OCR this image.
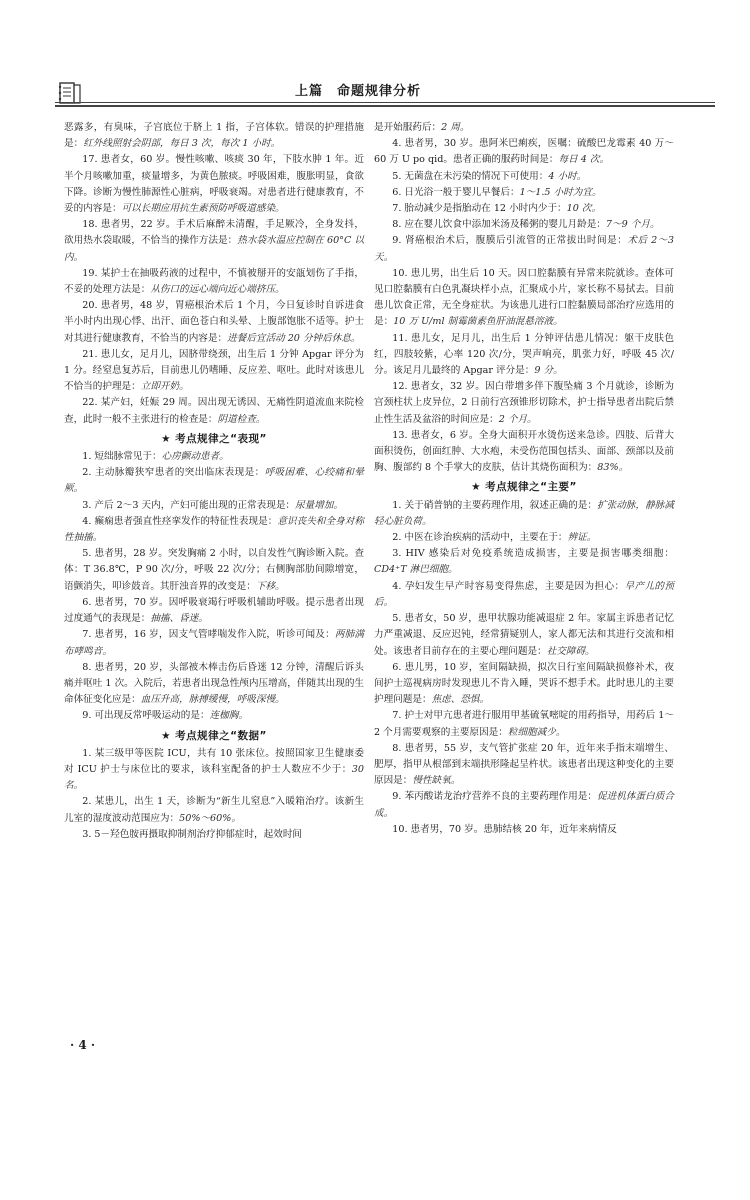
上篇　命题规律分析

恶露多，有臭味，子宫底位于脐上 1 指，子宫体软。错误的护理措施是：红外线照射会阴部，每日 3 次，每次 1 小时。

17. 患者女，60 岁。慢性咳嗽、咳痰 30 年，下肢水肿 1 年。近半个月咳嗽加重，痰量增多，为黄色脓痰。呼吸困难，腹胀明显，食欲下降。诊断为慢性肺源性心脏病，呼吸衰竭。对患者进行健康教育，不妥的内容是：可以长期应用抗生素预防呼吸道感染。

18. 患者男，22 岁。手术后麻醉未清醒，手足厥冷，全身发抖，欲用热水袋取暖，不恰当的操作方法是：热水袋水温应控制在 60°C 以内。

19. 某护士在抽吸药液的过程中，不慎被掰开的安瓿划伤了手指，不妥的处理方法是：从伤口的远心端向近心端挤压。

20. 患者男，48 岁，胃癌根治术后 1 个月，今日复诊时自诉进食半小时内出现心悸、出汗、面色苍白和头晕、上腹部饱胀不适等。护士对其进行健康教育，不恰当的内容是：进餐后宜活动 20 分钟后休息。

21. 患儿女，足月儿，因脐带绕颈，出生后 1 分钟 Apgar 评分为 1 分。经窒息复苏后，目前患儿仍嗜睡、反应差、呕吐。此时对该患儿不恰当的护理是：立即开奶。

22. 某产妇，妊娠 29 周。因出现无诱因、无痛性阴道流血来院检查，此时一般不主张进行的检查是：阴道检查。

★ 考点规律之“表现”

1. 短绌脉常见于：心房颤动患者。

2. 主动脉瓣狭窄患者的突出临床表现是：呼吸困难、心绞痛和晕厥。

3. 产后 2～3 天内，产妇可能出现的正常表现是：尿量增加。

4. 癫痫患者强直性痉挛发作的特征性表现是：意识丧失和全身对称性抽搐。

5. 患者男，28 岁。突发胸痛 2 小时，以自发性气胸诊断入院。查体：T 36.8℃，P 90 次/分，呼吸 22 次/分；右侧胸部肋间隙增宽，语颤消失，叩诊鼓音。其肝浊音界的改变是：下移。

6. 患者男，70 岁。因呼吸衰竭行呼吸机辅助呼吸。提示患者出现过度通气的表现是：抽搐、昏迷。

7. 患者男，16 岁，因支气管哮喘发作入院，听诊可闻及：两肺满布哮鸣音。

8. 患者男，20 岁，头部被木棒击伤后昏迷 12 分钟，清醒后诉头痛并呕吐 1 次。入院后，若患者出现急性颅内压增高，伴随其出现的生命体征变化应是：血压升高，脉搏缓慢，呼吸深慢。

9. 可出现反常呼吸运动的是：连枷胸。

★ 考点规律之“数据”

1. 某三级甲等医院 ICU，共有 10 张床位。按照国家卫生健康委对 ICU 护士与床位比的要求，该科室配备的护士人数应不少于：30 名。

2. 某患儿，出生 1 天，诊断为“新生儿窒息”入暖箱治疗。该新生儿室的湿度波动范围应为：50%～60%。

3. 5－羟色胺再摄取抑制剂治疗抑郁症时，起效时间

是开始服药后：2 周。

4. 患者男，30 岁。患阿米巴痢疾，医嘱：硫酸巴龙霉素 40 万～60 万 U po qid。患者正确的服药时间是：每日 4 次。

5. 无菌盘在未污染的情况下可使用：4 小时。

6. 日光浴一般于婴儿早餐后：1～1.5 小时为宜。

7. 胎动减少是指胎动在 12 小时内少于：10 次。

8. 应在婴儿饮食中添加米汤及稀粥的婴儿月龄是：7～9 个月。

9. 肾癌根治术后，腹膜后引流管的正常拔出时间是：术后 2～3 天。

10. 患儿男，出生后 10 天。因口腔黏膜有异常来院就诊。查体可见口腔黏膜有白色乳凝块样小点，汇聚成小片，家长称不易拭去。目前患儿饮食正常，无全身症状。为该患儿进行口腔黏膜局部治疗应选用的是：10 万 U/ml 制霉菌素鱼肝油混悬溶液。

11. 患儿女，足月儿，出生后 1 分钟评估患儿情况：躯干皮肤色红，四肢较紫，心率 120 次/分，哭声响亮，肌张力好，呼吸 45 次/分。该足月儿最终的 Apgar 评分是：9 分。

12. 患者女，32 岁。因白带增多伴下腹坠痛 3 个月就诊，诊断为宫颈柱状上皮异位，2 日前行宫颈锥形切除术，护士指导患者出院后禁止性生活及盆浴的时间应是：2 个月。

13. 患者女，6 岁。全身大面积开水烫伤送来急诊。四肢、后背大面积烫伤，创面红肿、大水疱，未受伤范围包括头、面部、颈部以及前胸、腹部约 8 个手掌大的皮肤，估计其烧伤面积为：83%。

★ 考点规律之“主要”

1. 关于硝普钠的主要药理作用，叙述正确的是：扩张动脉，静脉减轻心脏负荷。

2. 中医在诊治疾病的活动中，主要在于：辨证。

3. HIV 感染后对免疫系统造成损害，主要是损害哪类细胞：CD4⁺T 淋巴细胞。

4. 孕妇发生早产时容易变得焦虑，主要是因为担心：早产儿的预后。

5. 患者女，50 岁，患甲状腺功能减退症 2 年。家属主诉患者记忆力严重减退、反应迟钝，经常猜疑别人，家人都无法和其进行交流和相处。该患者目前存在的主要心理问题是：社交障碍。

6. 患儿男，10 岁，室间隔缺损，拟次日行室间隔缺损修补术，夜间护士巡视病房时发现患儿不肯入睡，哭诉不想手术。此时患儿的主要护理问题是：焦虑、恐惧。

7. 护士对甲亢患者进行服用甲基硫氧嘧啶的用药指导，用药后 1～2 个月需要观察的主要原因是：粒细胞减少。

8. 患者男，55 岁，支气管扩张症 20 年，近年来手指末端增生、肥厚，指甲从根部到末端拱形隆起呈杵状。该患者出现这种变化的主要原因是：慢性缺氧。

9. 苯丙酸诺龙治疗营养不良的主要药理作用是：促进机体蛋白质合成。

10. 患者男，70 岁。患肺结核 20 年，近年来病情反

· 4 ·
